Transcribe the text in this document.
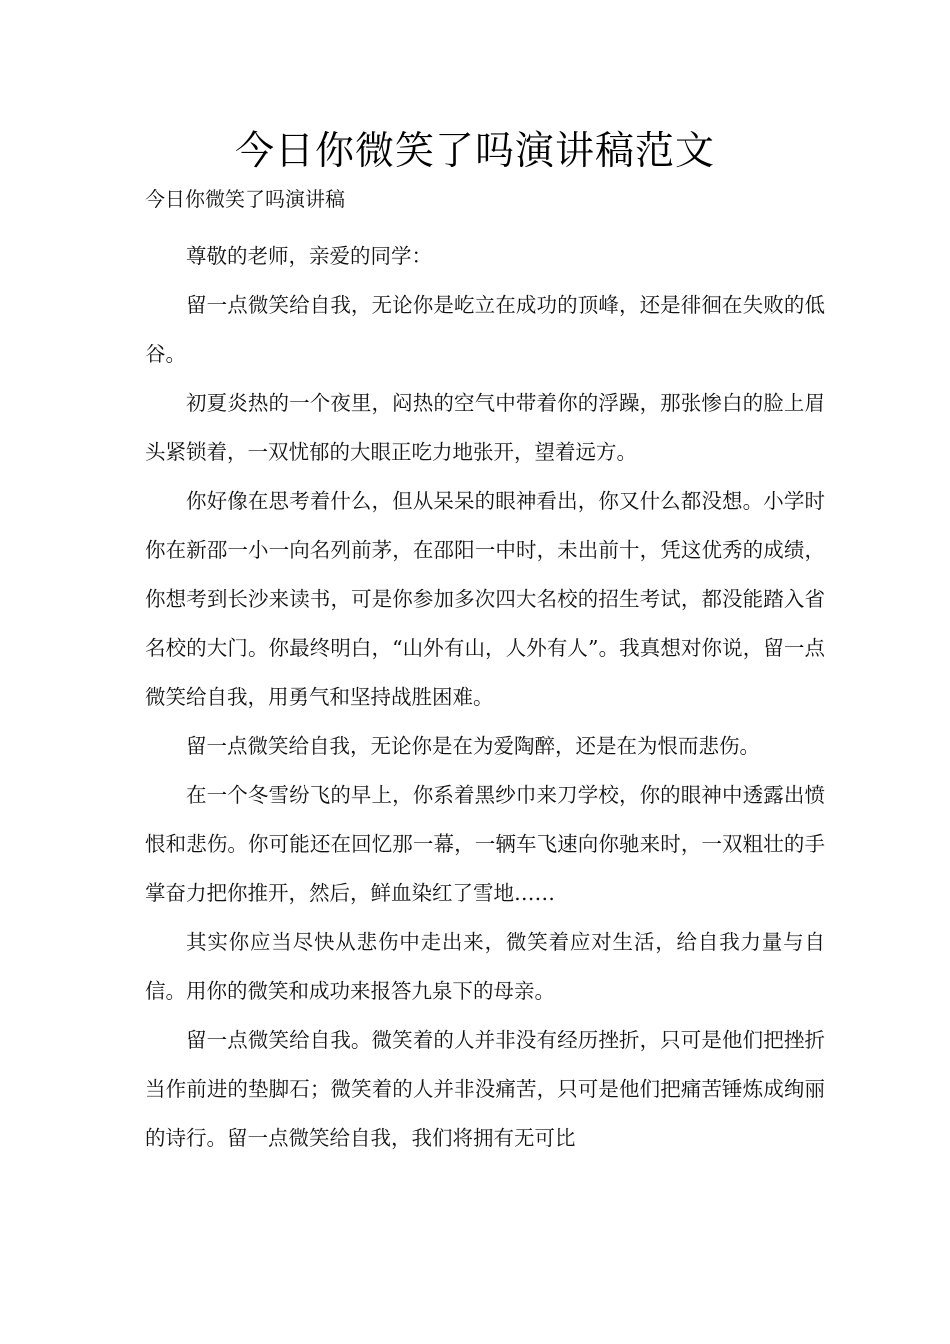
今日你微笑了吗演讲稿范文

今日你微笑了吗演讲稿

尊敬的老师，亲爱的同学：

留一点微笑给自我，无论你是屹立在成功的顶峰，还是徘徊在失败的低谷。

初夏炎热的一个夜里，闷热的空气中带着你的浮躁，那张惨白的脸上眉头紧锁着，一双忧郁的大眼正吃力地张开，望着远方。

你好像在思考着什么，但从呆呆的眼神看出，你又什么都没想。小学时你在新邵一小一向名列前茅，在邵阳一中时，未出前十，凭这优秀的成绩，你想考到长沙来读书，可是你参加多次四大名校的招生考试，都没能踏入省名校的大门。你最终明白，“山外有山，人外有人”。我真想对你说，留一点微笑给自我，用勇气和坚持战胜困难。

留一点微笑给自我，无论你是在为爱陶醉，还是在为恨而悲伤。

在一个冬雪纷飞的早上，你系着黑纱巾来刀学校，你的眼神中透露出愤恨和悲伤。你可能还在回忆那一幕，一辆车飞速向你驰来时，一双粗壮的手掌奋力把你推开，然后，鲜血染红了雪地……

其实你应当尽快从悲伤中走出来，微笑着应对生活，给自我力量与自信。用你的微笑和成功来报答九泉下的母亲。

留一点微笑给自我。微笑着的人并非没有经历挫折，只可是他们把挫折当作前进的垫脚石；微笑着的人并非没痛苦，只可是他们把痛苦锤炼成绚丽的诗行。留一点微笑给自我，我们将拥有无可比
